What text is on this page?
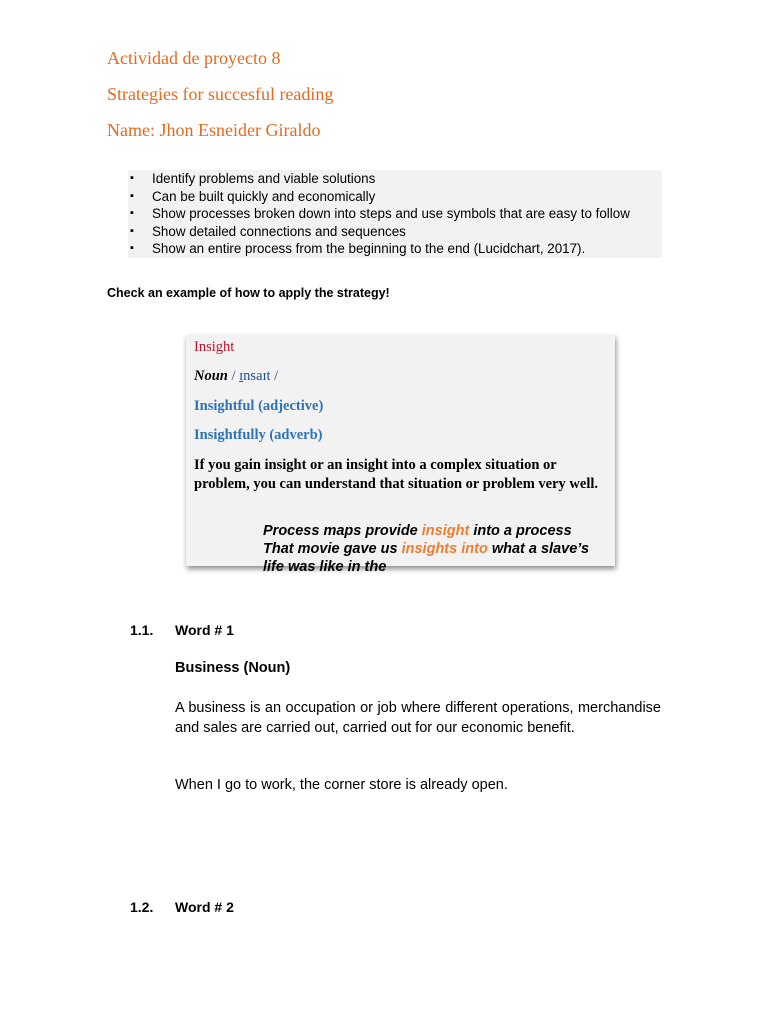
Actividad de proyecto 8
Strategies for succesful reading
Name: Jhon Esneider Giraldo
▪ Identify problems and viable solutions
▪ Can be built quickly and economically
▪ Show processes broken down into steps and use symbols that are easy to follow
▪ Show detailed connections and sequences
▪ Show an entire process from the beginning to the end (Lucidchart, 2017).
Check an example of how to apply the strategy!

Insight

Noun / ɪnsaɪt /

Insightful (adjective)

Insightfully (adverb)

If you gain insight or an insight into a complex situation or problem, you can understand that situation or problem very well.

Process maps provide insight into a process

That movie gave us insights into what a slave’s

life was like in the

1.1. Word # 1
Business (Noun)

A business is an occupation or job where different operations, merchandise and sales are carried out, carried out for our economic benefit.

When I go to work, the corner store is already open.

1.2. Word # 2
